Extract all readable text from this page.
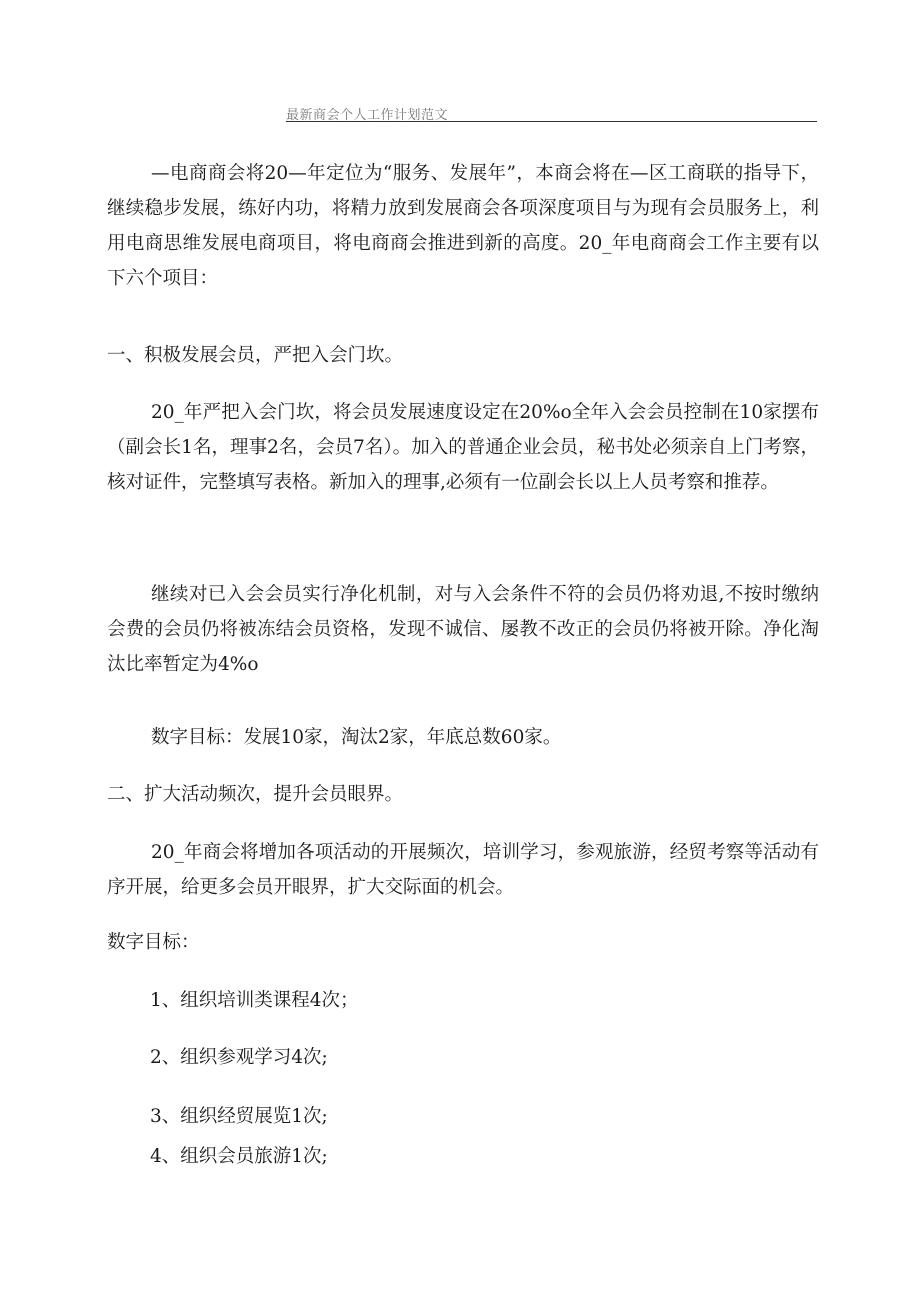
最新商会个人工作计划范文

—电商商会将20—年定位为“服务、发展年”，本商会将在—区工商联的指导下，继续稳步发展，练好内功，将精力放到发展商会各项深度项目与为现有会员服务上，利用电商思维发展电商项目，将电商商会推进到新的高度。20_年电商商会工作主要有以下六个项目：

一、积极发展会员，严把入会门坎。

20_年严把入会门坎，将会员发展速度设定在20%o全年入会会员控制在10家摆布（副会长1名，理事2名，会员7名）。加入的普通企业会员，秘书处必须亲自上门考察，核对证件，完整填写表格。新加入的理事,必须有一位副会长以上人员考察和推荐。

继续对已入会会员实行净化机制，对与入会条件不符的会员仍将劝退,不按时缴纳会费的会员仍将被冻结会员资格，发现不诚信、屡教不改正的会员仍将被开除。净化淘汰比率暂定为4%o

数字目标：发展10家，淘汰2家，年底总数60家。

二、扩大活动频次，提升会员眼界。

20_年商会将增加各项活动的开展频次，培训学习，参观旅游，经贸考察等活动有序开展，给更多会员开眼界，扩大交际面的机会。

数字目标：

1、组织培训类课程4次；

2、组织参观学习4次;

3、组织经贸展览1次;

4、组织会员旅游1次;
